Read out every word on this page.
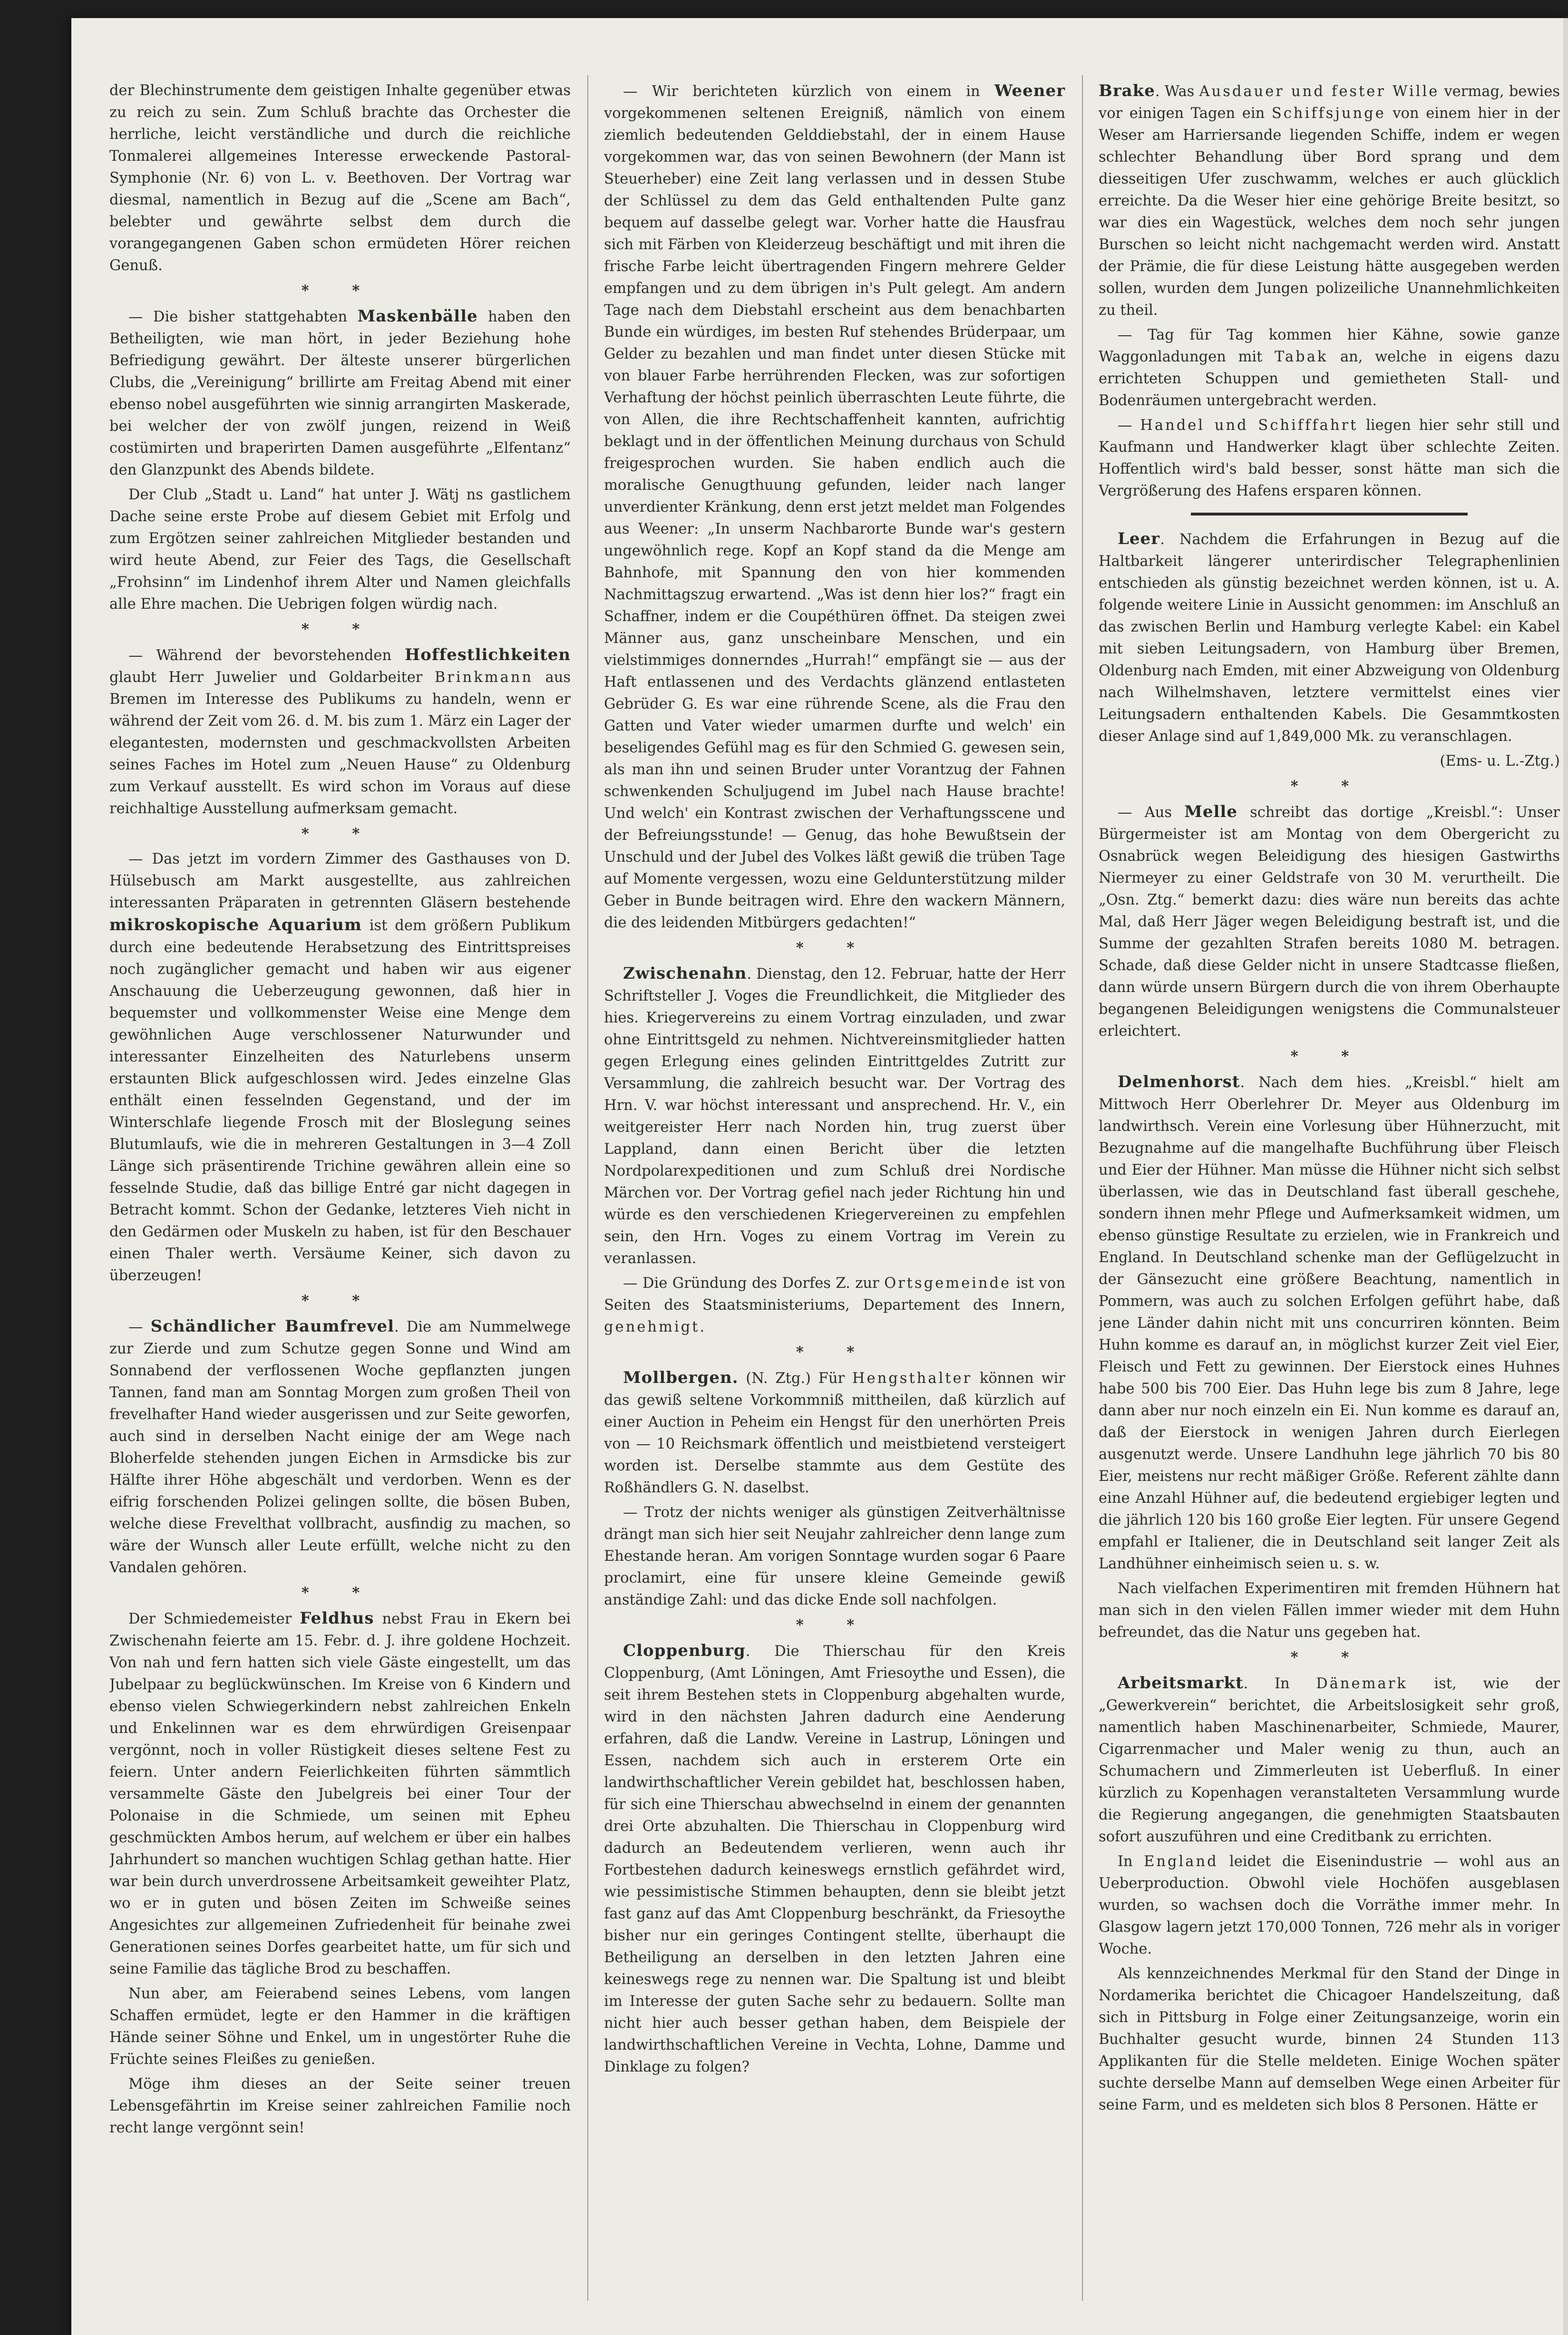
der Blechinstrumente dem geistigen Inhalte gegenüber etwas zu reich zu sein. Zum Schluß brachte das Orchester die herrliche, leicht verständliche und durch die reichliche Tonmalerei allgemeines Interesse erweckende Pastoral-Symphonie (Nr. 6) von L. v. Beethoven. Der Vortrag war diesmal, namentlich in Bezug auf die „Scene am Bach“, belebter und gewährte selbst dem durch die vorangegangenen Gaben schon ermüdeten Hörer reichen Genuß.

* *

— Die bisher stattgehabten Maskenbälle haben den Betheiligten, wie man hört, in jeder Beziehung hohe Befriedigung gewährt. Der älteste unserer bürgerlichen Clubs, die „Vereinigung“ brillirte am Freitag Abend mit einer ebenso nobel ausgeführten wie sinnig arrangirten Maskerade, bei welcher der von zwölf jungen, reizend in Weiß costümirten und braperirten Damen ausgeführte „Elfentanz“ den Glanzpunkt des Abends bildete.

Der Club „Stadt u. Land“ hat unter J. Wätj ns gastlichem Dache seine erste Probe auf diesem Gebiet mit Erfolg und zum Ergötzen seiner zahlreichen Mitglieder bestanden und wird heute Abend, zur Feier des Tags, die Gesellschaft „Frohsinn“ im Lindenhof ihrem Alter und Namen gleichfalls alle Ehre machen. Die Uebrigen folgen würdig nach.

* *

— Während der bevorstehenden Hoffestlichkeiten glaubt Herr Juwelier und Goldarbeiter Brinkmann aus Bremen im Interesse des Publikums zu handeln, wenn er während der Zeit vom 26. d. M. bis zum 1. März ein Lager der elegantesten, modernsten und geschmackvollsten Arbeiten seines Faches im Hotel zum „Neuen Hause“ zu Oldenburg zum Verkauf ausstellt. Es wird schon im Voraus auf diese reichhaltige Ausstellung aufmerksam gemacht.

* *

— Das jetzt im vordern Zimmer des Gasthauses von D. Hülsebusch am Markt ausgestellte, aus zahlreichen interessanten Präparaten in getrennten Gläsern bestehende mikroskopische Aquarium ist dem größern Publikum durch eine bedeutende Herabsetzung des Eintrittspreises noch zugänglicher gemacht und haben wir aus eigener Anschauung die Ueberzeugung gewonnen, daß hier in bequemster und vollkommenster Weise eine Menge dem gewöhnlichen Auge verschlossener Naturwunder und interessanter Einzelheiten des Naturlebens unserm erstaunten Blick aufgeschlossen wird. Jedes einzelne Glas enthält einen fesselnden Gegenstand, und der im Winterschlafe liegende Frosch mit der Bloslegung seines Blutumlaufs, wie die in mehreren Gestaltungen in 3—4 Zoll Länge sich präsentirende Trichine gewähren allein eine so fesselnde Studie, daß das billige Entré gar nicht dagegen in Betracht kommt. Schon der Gedanke, letzteres Vieh nicht in den Gedärmen oder Muskeln zu haben, ist für den Beschauer einen Thaler werth. Versäume Keiner, sich davon zu überzeugen!

* *

— Schändlicher Baumfrevel. Die am Nummelwege zur Zierde und zum Schutze gegen Sonne und Wind am Sonnabend der verflossenen Woche gepflanzten jungen Tannen, fand man am Sonntag Morgen zum großen Theil von frevelhafter Hand wieder ausgerissen und zur Seite geworfen, auch sind in derselben Nacht einige der am Wege nach Bloherfelde stehenden jungen Eichen in Armsdicke bis zur Hälfte ihrer Höhe abgeschält und verdorben. Wenn es der eifrig forschenden Polizei gelingen sollte, die bösen Buben, welche diese Frevelthat vollbracht, ausfindig zu machen, so wäre der Wunsch aller Leute erfüllt, welche nicht zu den Vandalen gehören.

* *

Der Schmiedemeister Feldhus nebst Frau in Ekern bei Zwischenahn feierte am 15. Febr. d. J. ihre goldene Hochzeit. Von nah und fern hatten sich viele Gäste eingestellt, um das Jubelpaar zu beglückwünschen. Im Kreise von 6 Kindern und ebenso vielen Schwiegerkindern nebst zahlreichen Enkeln und Enkelinnen war es dem ehrwürdigen Greisenpaar vergönnt, noch in voller Rüstigkeit dieses seltene Fest zu feiern. Unter andern Feierlichkeiten führten sämmtlich versammelte Gäste den Jubelgreis bei einer Tour der Polonaise in die Schmiede, um seinen mit Epheu geschmückten Ambos herum, auf welchem er über ein halbes Jahrhundert so manchen wuchtigen Schlag gethan hatte. Hier war bein durch unverdrossene Arbeitsamkeit geweihter Platz, wo er in guten und bösen Zeiten im Schweiße seines Angesichtes zur allgemeinen Zufriedenheit für beinahe zwei Generationen seines Dorfes gearbeitet hatte, um für sich und seine Familie das tägliche Brod zu beschaffen.

Nun aber, am Feierabend seines Lebens, vom langen Schaffen ermüdet, legte er den Hammer in die kräftigen Hände seiner Söhne und Enkel, um in ungestörter Ruhe die Früchte seines Fleißes zu genießen.

Möge ihm dieses an der Seite seiner treuen Lebensgefährtin im Kreise seiner zahlreichen Familie noch recht lange vergönnt sein!

— Wir berichteten kürzlich von einem in Weener vorgekommenen seltenen Ereigniß, nämlich von einem ziemlich bedeutenden Gelddiebstahl, der in einem Hause vorgekommen war, das von seinen Bewohnern (der Mann ist Steuerheber) eine Zeit lang verlassen und in dessen Stube der Schlüssel zu dem das Geld enthaltenden Pulte ganz bequem auf dasselbe gelegt war. Vorher hatte die Hausfrau sich mit Färben von Kleiderzeug beschäftigt und mit ihren die frische Farbe leicht übertragenden Fingern mehrere Gelder empfangen und zu dem übrigen in's Pult gelegt. Am andern Tage nach dem Diebstahl erscheint aus dem benachbarten Bunde ein würdiges, im besten Ruf stehendes Brüderpaar, um Gelder zu bezahlen und man findet unter diesen Stücke mit von blauer Farbe herrührenden Flecken, was zur sofortigen Verhaftung der höchst peinlich überraschten Leute führte, die von Allen, die ihre Rechtschaffenheit kannten, aufrichtig beklagt und in der öffentlichen Meinung durchaus von Schuld freigesprochen wurden. Sie haben endlich auch die moralische Genugthuung gefunden, leider nach langer unverdienter Kränkung, denn erst jetzt meldet man Folgendes aus Weener: „In unserm Nachbarorte Bunde war's gestern ungewöhnlich rege. Kopf an Kopf stand da die Menge am Bahnhofe, mit Spannung den von hier kommenden Nachmittagszug erwartend. „Was ist denn hier los?“ fragt ein Schaffner, indem er die Coupéthüren öffnet. Da steigen zwei Männer aus, ganz unscheinbare Menschen, und ein vielstimmiges donnerndes „Hurrah!“ empfängt sie — aus der Haft entlassenen und des Verdachts glänzend entlasteten Gebrüder G. Es war eine rührende Scene, als die Frau den Gatten und Vater wieder umarmen durfte und welch' ein beseligendes Gefühl mag es für den Schmied G. gewesen sein, als man ihn und seinen Bruder unter Vorantzug der Fahnen schwenkenden Schuljugend im Jubel nach Hause brachte! Und welch' ein Kontrast zwischen der Verhaftungsscene und der Befreiungsstunde! — Genug, das hohe Bewußtsein der Unschuld und der Jubel des Volkes läßt gewiß die trüben Tage auf Momente vergessen, wozu eine Geldunterstützung milder Geber in Bunde beitragen wird. Ehre den wackern Männern, die des leidenden Mitbürgers gedachten!“

* *

Zwischenahn. Dienstag, den 12. Februar, hatte der Herr Schriftsteller J. Voges die Freundlichkeit, die Mitglieder des hies. Kriegervereins zu einem Vortrag einzuladen, und zwar ohne Eintrittsgeld zu nehmen. Nichtvereinsmitglieder hatten gegen Erlegung eines gelinden Eintrittgeldes Zutritt zur Versammlung, die zahlreich besucht war. Der Vortrag des Hrn. V. war höchst interessant und ansprechend. Hr. V., ein weitgereister Herr nach Norden hin, trug zuerst über Lappland, dann einen Bericht über die letzten Nordpolarexpeditionen und zum Schluß drei Nordische Märchen vor. Der Vortrag gefiel nach jeder Richtung hin und würde es den verschiedenen Kriegervereinen zu empfehlen sein, den Hrn. Voges zu einem Vortrag im Verein zu veranlassen.

— Die Gründung des Dorfes Z. zur Ortsgemeinde ist von Seiten des Staatsministeriums, Departement des Innern, genehmigt.

* *

Mollbergen. (N. Ztg.) Für Hengsthalter können wir das gewiß seltene Vorkommniß mittheilen, daß kürzlich auf einer Auction in Peheim ein Hengst für den unerhörten Preis von — 10 Reichsmark öffentlich und meistbietend versteigert worden ist. Derselbe stammte aus dem Gestüte des Roßhändlers G. N. daselbst.

— Trotz der nichts weniger als günstigen Zeitverhältnisse drängt man sich hier seit Neujahr zahlreicher denn lange zum Ehestande heran. Am vorigen Sonntage wurden sogar 6 Paare proclamirt, eine für unsere kleine Gemeinde gewiß anständige Zahl: und das dicke Ende soll nachfolgen.

* *

Cloppenburg. Die Thierschau für den Kreis Cloppenburg, (Amt Löningen, Amt Friesoythe und Essen), die seit ihrem Bestehen stets in Cloppenburg abgehalten wurde, wird in den nächsten Jahren dadurch eine Aenderung erfahren, daß die Landw. Vereine in Lastrup, Löningen und Essen, nachdem sich auch in ersterem Orte ein landwirthschaftlicher Verein gebildet hat, beschlossen haben, für sich eine Thierschau abwechselnd in einem der genannten drei Orte abzuhalten. Die Thierschau in Cloppenburg wird dadurch an Bedeutendem verlieren, wenn auch ihr Fortbestehen dadurch keineswegs ernstlich gefährdet wird, wie pessimistische Stimmen behaupten, denn sie bleibt jetzt fast ganz auf das Amt Cloppenburg beschränkt, da Friesoythe bisher nur ein geringes Contingent stellte, überhaupt die Betheiligung an derselben in den letzten Jahren eine keineswegs rege zu nennen war. Die Spaltung ist und bleibt im Interesse der guten Sache sehr zu bedauern. Sollte man nicht hier auch besser gethan haben, dem Beispiele der landwirthschaftlichen Vereine in Vechta, Lohne, Damme und Dinklage zu folgen?

Brake. Was Ausdauer und fester Wille vermag, bewies vor einigen Tagen ein Schiffsjunge von einem hier in der Weser am Harriersande liegenden Schiffe, indem er wegen schlechter Behandlung über Bord sprang und dem diesseitigen Ufer zuschwamm, welches er auch glücklich erreichte. Da die Weser hier eine gehörige Breite besitzt, so war dies ein Wagestück, welches dem noch sehr jungen Burschen so leicht nicht nachgemacht werden wird. Anstatt der Prämie, die für diese Leistung hätte ausgegeben werden sollen, wurden dem Jungen polizeiliche Unannehmlichkeiten zu theil.

— Tag für Tag kommen hier Kähne, sowie ganze Waggonladungen mit Tabak an, welche in eigens dazu errichteten Schuppen und gemietheten Stall- und Bodenräumen untergebracht werden.

— Handel und Schifffahrt liegen hier sehr still und Kaufmann und Handwerker klagt über schlechte Zeiten. Hoffentlich wird's bald besser, sonst hätte man sich die Vergrößerung des Hafens ersparen können.

Leer. Nachdem die Erfahrungen in Bezug auf die Haltbarkeit längerer unterirdischer Telegraphenlinien entschieden als günstig bezeichnet werden können, ist u. A. folgende weitere Linie in Aussicht genommen: im Anschluß an das zwischen Berlin und Hamburg verlegte Kabel: ein Kabel mit sieben Leitungsadern, von Hamburg über Bremen, Oldenburg nach Emden, mit einer Abzweigung von Oldenburg nach Wilhelmshaven, letztere vermittelst eines vier Leitungsadern enthaltenden Kabels. Die Gesammtkosten dieser Anlage sind auf 1,849,000 Mk. zu veranschlagen.

(Ems- u. L.-Ztg.)
* *

— Aus Melle schreibt das dortige „Kreisbl.“: Unser Bürgermeister ist am Montag von dem Obergericht zu Osnabrück wegen Beleidigung des hiesigen Gastwirths Niermeyer zu einer Geldstrafe von 30 M. verurtheilt. Die „Osn. Ztg.“ bemerkt dazu: dies wäre nun bereits das achte Mal, daß Herr Jäger wegen Beleidigung bestraft ist, und die Summe der gezahlten Strafen bereits 1080 M. betragen. Schade, daß diese Gelder nicht in unsere Stadtcasse fließen, dann würde unsern Bürgern durch die von ihrem Oberhaupte begangenen Beleidigungen wenigstens die Communalsteuer erleichtert.

* *

Delmenhorst. Nach dem hies. „Kreisbl.“ hielt am Mittwoch Herr Oberlehrer Dr. Meyer aus Oldenburg im landwirthsch. Verein eine Vorlesung über Hühnerzucht, mit Bezugnahme auf die mangelhafte Buchführung über Fleisch und Eier der Hühner. Man müsse die Hühner nicht sich selbst überlassen, wie das in Deutschland fast überall geschehe, sondern ihnen mehr Pflege und Aufmerksamkeit widmen, um ebenso günstige Resultate zu erzielen, wie in Frankreich und England. In Deutschland schenke man der Geflügelzucht in der Gänsezucht eine größere Beachtung, namentlich in Pommern, was auch zu solchen Erfolgen geführt habe, daß jene Länder dahin nicht mit uns concurriren könnten. Beim Huhn komme es darauf an, in möglichst kurzer Zeit viel Eier, Fleisch und Fett zu gewinnen. Der Eierstock eines Huhnes habe 500 bis 700 Eier. Das Huhn lege bis zum 8 Jahre, lege dann aber nur noch einzeln ein Ei. Nun komme es darauf an, daß der Eierstock in wenigen Jahren durch Eierlegen ausgenutzt werde. Unsere Landhuhn lege jährlich 70 bis 80 Eier, meistens nur recht mäßiger Größe. Referent zählte dann eine Anzahl Hühner auf, die bedeutend ergiebiger legten und die jährlich 120 bis 160 große Eier legten. Für unsere Gegend empfahl er Italiener, die in Deutschland seit langer Zeit als Landhühner einheimisch seien u. s. w.

Nach vielfachen Experimentiren mit fremden Hühnern hat man sich in den vielen Fällen immer wieder mit dem Huhn befreundet, das die Natur uns gegeben hat.

* *

Arbeitsmarkt. In Dänemark ist, wie der „Gewerkverein“ berichtet, die Arbeitslosigkeit sehr groß, namentlich haben Maschinenarbeiter, Schmiede, Maurer, Cigarrenmacher und Maler wenig zu thun, auch an Schumachern und Zimmerleuten ist Ueberfluß. In einer kürzlich zu Kopenhagen veranstalteten Versammlung wurde die Regierung angegangen, die genehmigten Staatsbauten sofort auszuführen und eine Creditbank zu errichten.

In England leidet die Eisenindustrie — wohl aus an Ueberproduction. Obwohl viele Hochöfen ausgeblasen wurden, so wachsen doch die Vorräthe immer mehr. In Glasgow lagern jetzt 170,000 Tonnen, 726 mehr als in voriger Woche.

Als kennzeichnendes Merkmal für den Stand der Dinge in Nordamerika berichtet die Chicagoer Handelszeitung, daß sich in Pittsburg in Folge einer Zeitungsanzeige, worin ein Buchhalter gesucht wurde, binnen 24 Stunden 113 Applikanten für die Stelle meldeten. Einige Wochen später suchte derselbe Mann auf demselben Wege einen Arbeiter für seine Farm, und es meldeten sich blos 8 Personen. Hätte er
